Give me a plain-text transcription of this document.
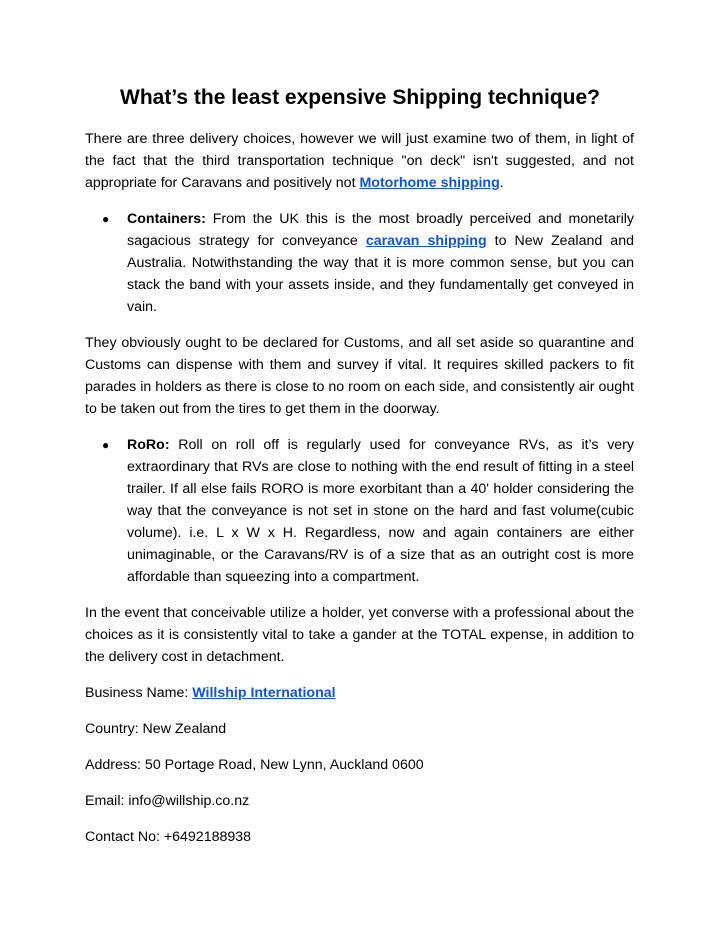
What’s the least expensive Shipping technique?

There are three delivery choices, however we will just examine two of them, in light of the fact that the third transportation technique "on deck" isn't suggested, and not appropriate for Caravans and positively not Motorhome shipping.

●	Containers: From the UK this is the most broadly perceived and monetarily sagacious strategy for conveyance caravan shipping to New Zealand and Australia. Notwithstanding the way that it is more common sense, but you can stack the band with your assets inside, and they fundamentally get conveyed in vain.

They obviously ought to be declared for Customs, and all set aside so quarantine and Customs can dispense with them and survey if vital. It requires skilled packers to fit parades in holders as there is close to no room on each side, and consistently air ought to be taken out from the tires to get them in the doorway.

●	RoRo: Roll on roll off is regularly used for conveyance RVs, as it’s very extraordinary that RVs are close to nothing with the end result of fitting in a steel trailer. If all else fails RORO is more exorbitant than a 40' holder considering the way that the conveyance is not set in stone on the hard and fast volume(cubic volume). i.e. L x W x H. Regardless, now and again containers are either unimaginable, or the Caravans/RV is of a size that as an outright cost is more affordable than squeezing into a compartment.

In the event that conceivable utilize a holder, yet converse with a professional about the choices as it is consistently vital to take a gander at the TOTAL expense, in addition to the delivery cost in detachment.

Business Name: Willship International

Country: New Zealand

Address: 50 Portage Road, New Lynn, Auckland 0600

Email: info@willship.co.nz

Contact No: +6492188938
